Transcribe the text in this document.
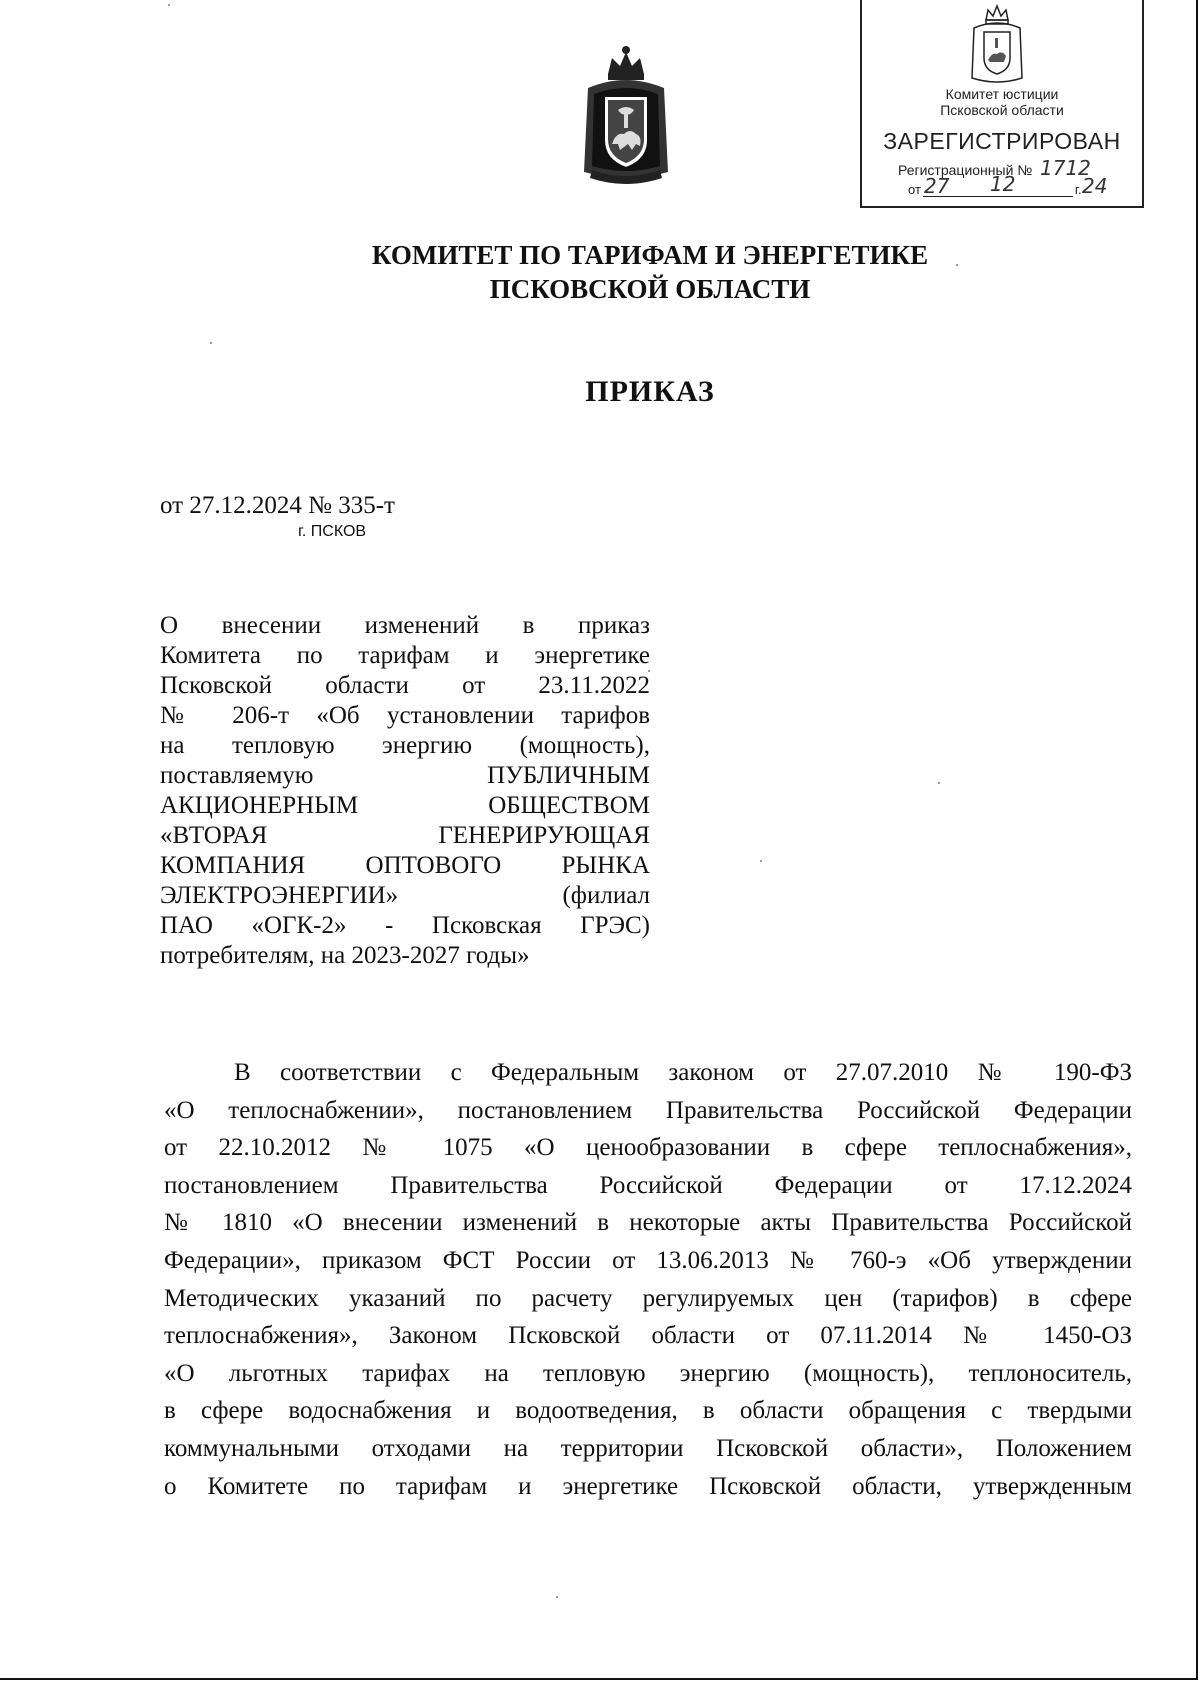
Комитет юстиции
Псковской области
ЗАРЕГИСТРИРОВАН
Регистрационный №
от	г.
1712
27 12	24
КОМИТЕТ ПО ТАРИФАМ И ЭНЕРГЕТИКЕ
ПСКОВСКОЙ ОБЛАСТИ
ПРИКАЗ
от 27.12.2024 № 335-т
г. ПСКОВ
О внесении изменений в приказ
Комитета по тарифам и энергетике
Псковской области от 23.11.2022
№ 206-т «Об установлении тарифов
на тепловую энергию (мощность),
поставляемую ПУБЛИЧНЫМ
АКЦИОНЕРНЫМ ОБЩЕСТВОМ
«ВТОРАЯ ГЕНЕРИРУЮЩАЯ
КОМПАНИЯ ОПТОВОГО РЫНКА
ЭЛЕКТРОЭНЕРГИИ» (филиал
ПАО «ОГК-2» - Псковская ГРЭС)
потребителям, на 2023-2027 годы»
В соответствии с Федеральным законом от 27.07.2010 № 190-ФЗ
«О теплоснабжении», постановлением Правительства Российской Федерации
от 22.10.2012 № 1075 «О ценообразовании в сфере теплоснабжения»,
постановлением Правительства Российской Федерации от 17.12.2024
№ 1810 «О внесении изменений в некоторые акты Правительства Российской
Федерации», приказом ФСТ России от 13.06.2013 № 760-э «Об утверждении
Методических указаний по расчету регулируемых цен (тарифов) в сфере
теплоснабжения», Законом Псковской области от 07.11.2014 № 1450-ОЗ
«О льготных тарифах на тепловую энергию (мощность), теплоноситель,
в сфере водоснабжения и водоотведения, в области обращения с твердыми
коммунальными отходами на территории Псковской области», Положением
о Комитете по тарифам и энергетике Псковской области, утвержденным
